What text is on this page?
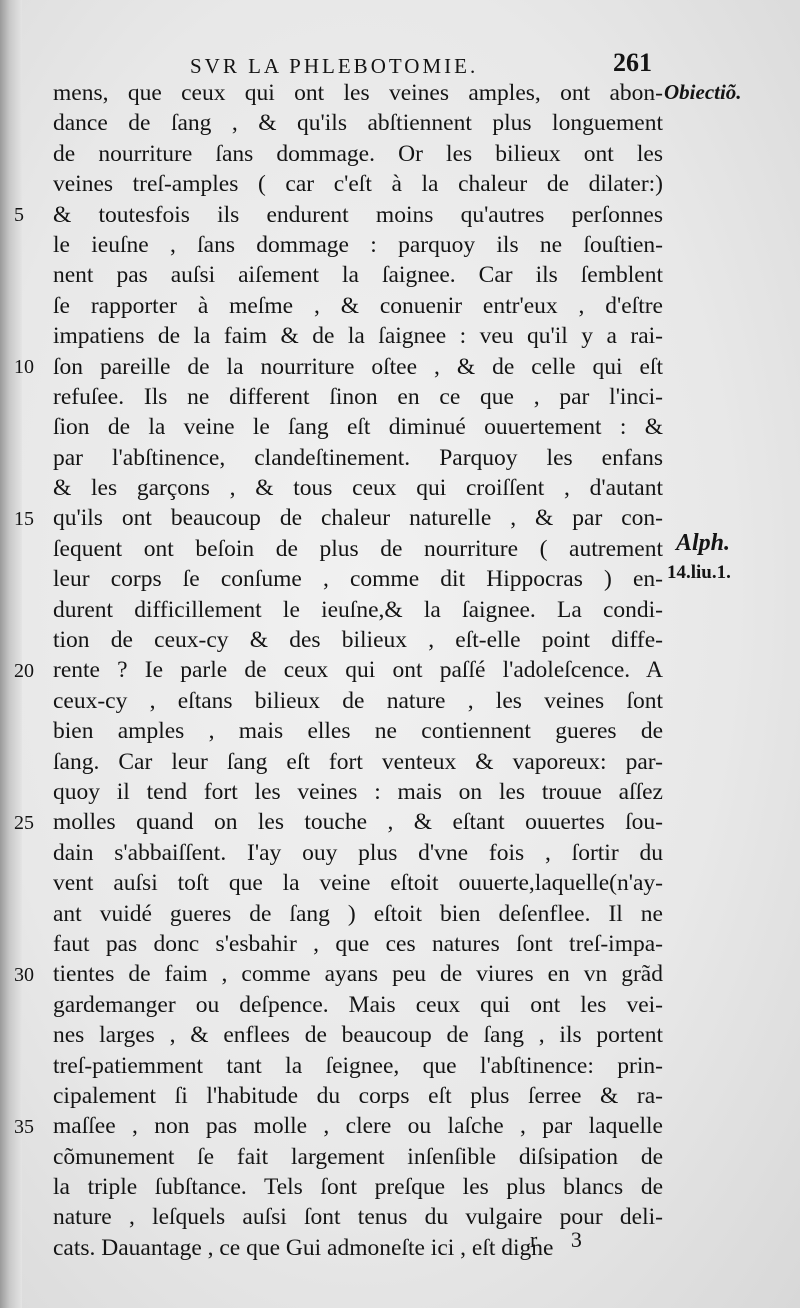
SVR LA PHLEBOTOMIE.	261
mens, que ceux qui ont les veines amples, ont abon-
dance de ſang , & qu'ils abſtiennent plus longuement
de nourriture ſans dommage. Or les bilieux ont les
veines treſ-amples ( car c'eſt à la chaleur de dilater:)
& toutesfois ils endurent moins qu'autres perſonnes
le ieuſne , ſans dommage : parquoy ils ne ſouſtien-
nent pas auſsi aiſement la ſaignee. Car ils ſemblent
ſe rapporter à meſme , & conuenir entr'eux , d'eſtre
impatiens de la faim & de la ſaignee : veu qu'il y a rai-
ſon pareille de la nourriture oſtee , & de celle qui eſt
refuſee. Ils ne different ſinon en ce que , par l'inci-
ſion de la veine le ſang eſt diminué ouuertement : &
par l'abſtinence, clandeſtinement. Parquoy les enfans
& les garçons , & tous ceux qui croiſſent , d'autant
qu'ils ont beaucoup de chaleur naturelle , & par con-
ſequent ont beſoin de plus de nourriture ( autrement
leur corps ſe conſume , comme dit Hippocras ) en-
durent difficillement le ieuſne,& la ſaignee. La condi-
tion de ceux-cy & des bilieux , eſt-elle point diffe-
rente ? Ie parle de ceux qui ont paſſé l'adoleſcence. A
ceux-cy , eſtans bilieux de nature , les veines ſont
bien amples , mais elles ne contiennent gueres de
ſang. Car leur ſang eſt fort venteux & vaporeux: par-
quoy il tend fort les veines : mais on les trouue aſſez
molles quand on les touche , & eſtant ouuertes ſou-
dain s'abbaiſſent. I'ay ouy plus d'vne fois , ſortir du
vent auſsi toſt que la veine eſtoit ouuerte,laquelle(n'ay-
ant vuidé gueres de ſang ) eſtoit bien deſenflee. Il ne
faut pas donc s'esbahir , que ces natures ſont treſ-impa-
tientes de faim , comme ayans peu de viures en vn grãd
gardemanger ou deſpence. Mais ceux qui ont les vei-
nes larges , & enflees de beaucoup de ſang , ils portent
treſ-patiemment tant la ſeignee, que l'abſtinence: prin-
cipalement ſi l'habitude du corps eſt plus ſerree & ra-
maſſee , non pas molle , clere ou laſche , par laquelle
cõmunement ſe fait largement inſenſible diſsipation de
la triple ſubſtance. Tels ſont preſque les plus blancs de
nature , leſquels auſsi ſont tenus du vulgaire pour deli-
cats. Dauantage , ce que Gui admoneſte ici , eſt digne
5
10
15
20
25
30
35
Obiectiõ.
Alph.
14.liu.1.
r 3
